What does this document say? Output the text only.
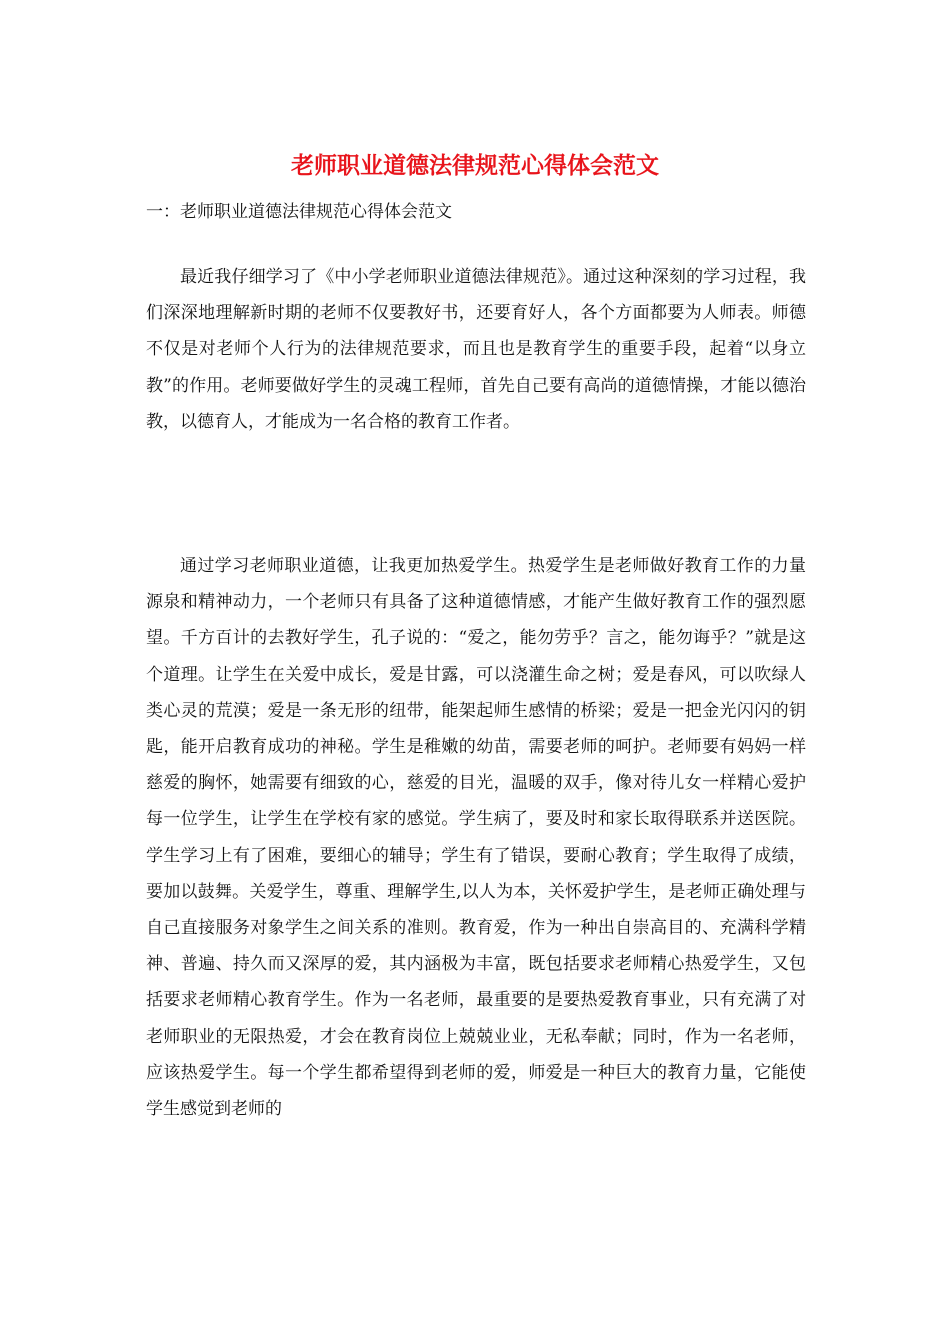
老师职业道德法律规范心得体会范文
一：老师职业道德法律规范心得体会范文

最近我仔细学习了《中小学老师职业道德法律规范》。通过这种深刻的学习过程，我们深深地理解新时期的老师不仅要教好书，还要育好人，各个方面都要为人师表。师德不仅是对老师个人行为的法律规范要求，而且也是教育学生的重要手段，起着“以身立教”的作用。老师要做好学生的灵魂工程师，首先自己要有高尚的道德情操，才能以德治教，以德育人，才能成为一名合格的教育工作者。

通过学习老师职业道德，让我更加热爱学生。热爱学生是老师做好教育工作的力量源泉和精神动力，一个老师只有具备了这种道德情感，才能产生做好教育工作的强烈愿望。千方百计的去教好学生，孔子说的：“爱之，能勿劳乎？言之，能勿诲乎？”就是这个道理。让学生在关爱中成长，爱是甘露，可以浇灌生命之树；爱是春风，可以吹绿人类心灵的荒漠；爱是一条无形的纽带，能架起师生感情的桥梁；爱是一把金光闪闪的钥匙，能开启教育成功的神秘。学生是稚嫩的幼苗，需要老师的呵护。老师要有妈妈一样慈爱的胸怀，她需要有细致的心，慈爱的目光，温暖的双手，像对待儿女一样精心爱护每一位学生，让学生在学校有家的感觉。学生病了，要及时和家长取得联系并送医院。学生学习上有了困难，要细心的辅导；学生有了错误，要耐心教育；学生取得了成绩，要加以鼓舞。关爱学生，尊重、理解学生,以人为本，关怀爱护学生，是老师正确处理与自己直接服务对象学生之间关系的准则。教育爱，作为一种出自崇高目的、充满科学精神、普遍、持久而又深厚的爱，其内涵极为丰富，既包括要求老师精心热爱学生，又包括要求老师精心教育学生。作为一名老师，最重要的是要热爱教育事业，只有充满了对老师职业的无限热爱，才会在教育岗位上兢兢业业，无私奉献；同时，作为一名老师，应该热爱学生。每一个学生都希望得到老师的爱，师爱是一种巨大的教育力量，它能使学生感觉到老师的
